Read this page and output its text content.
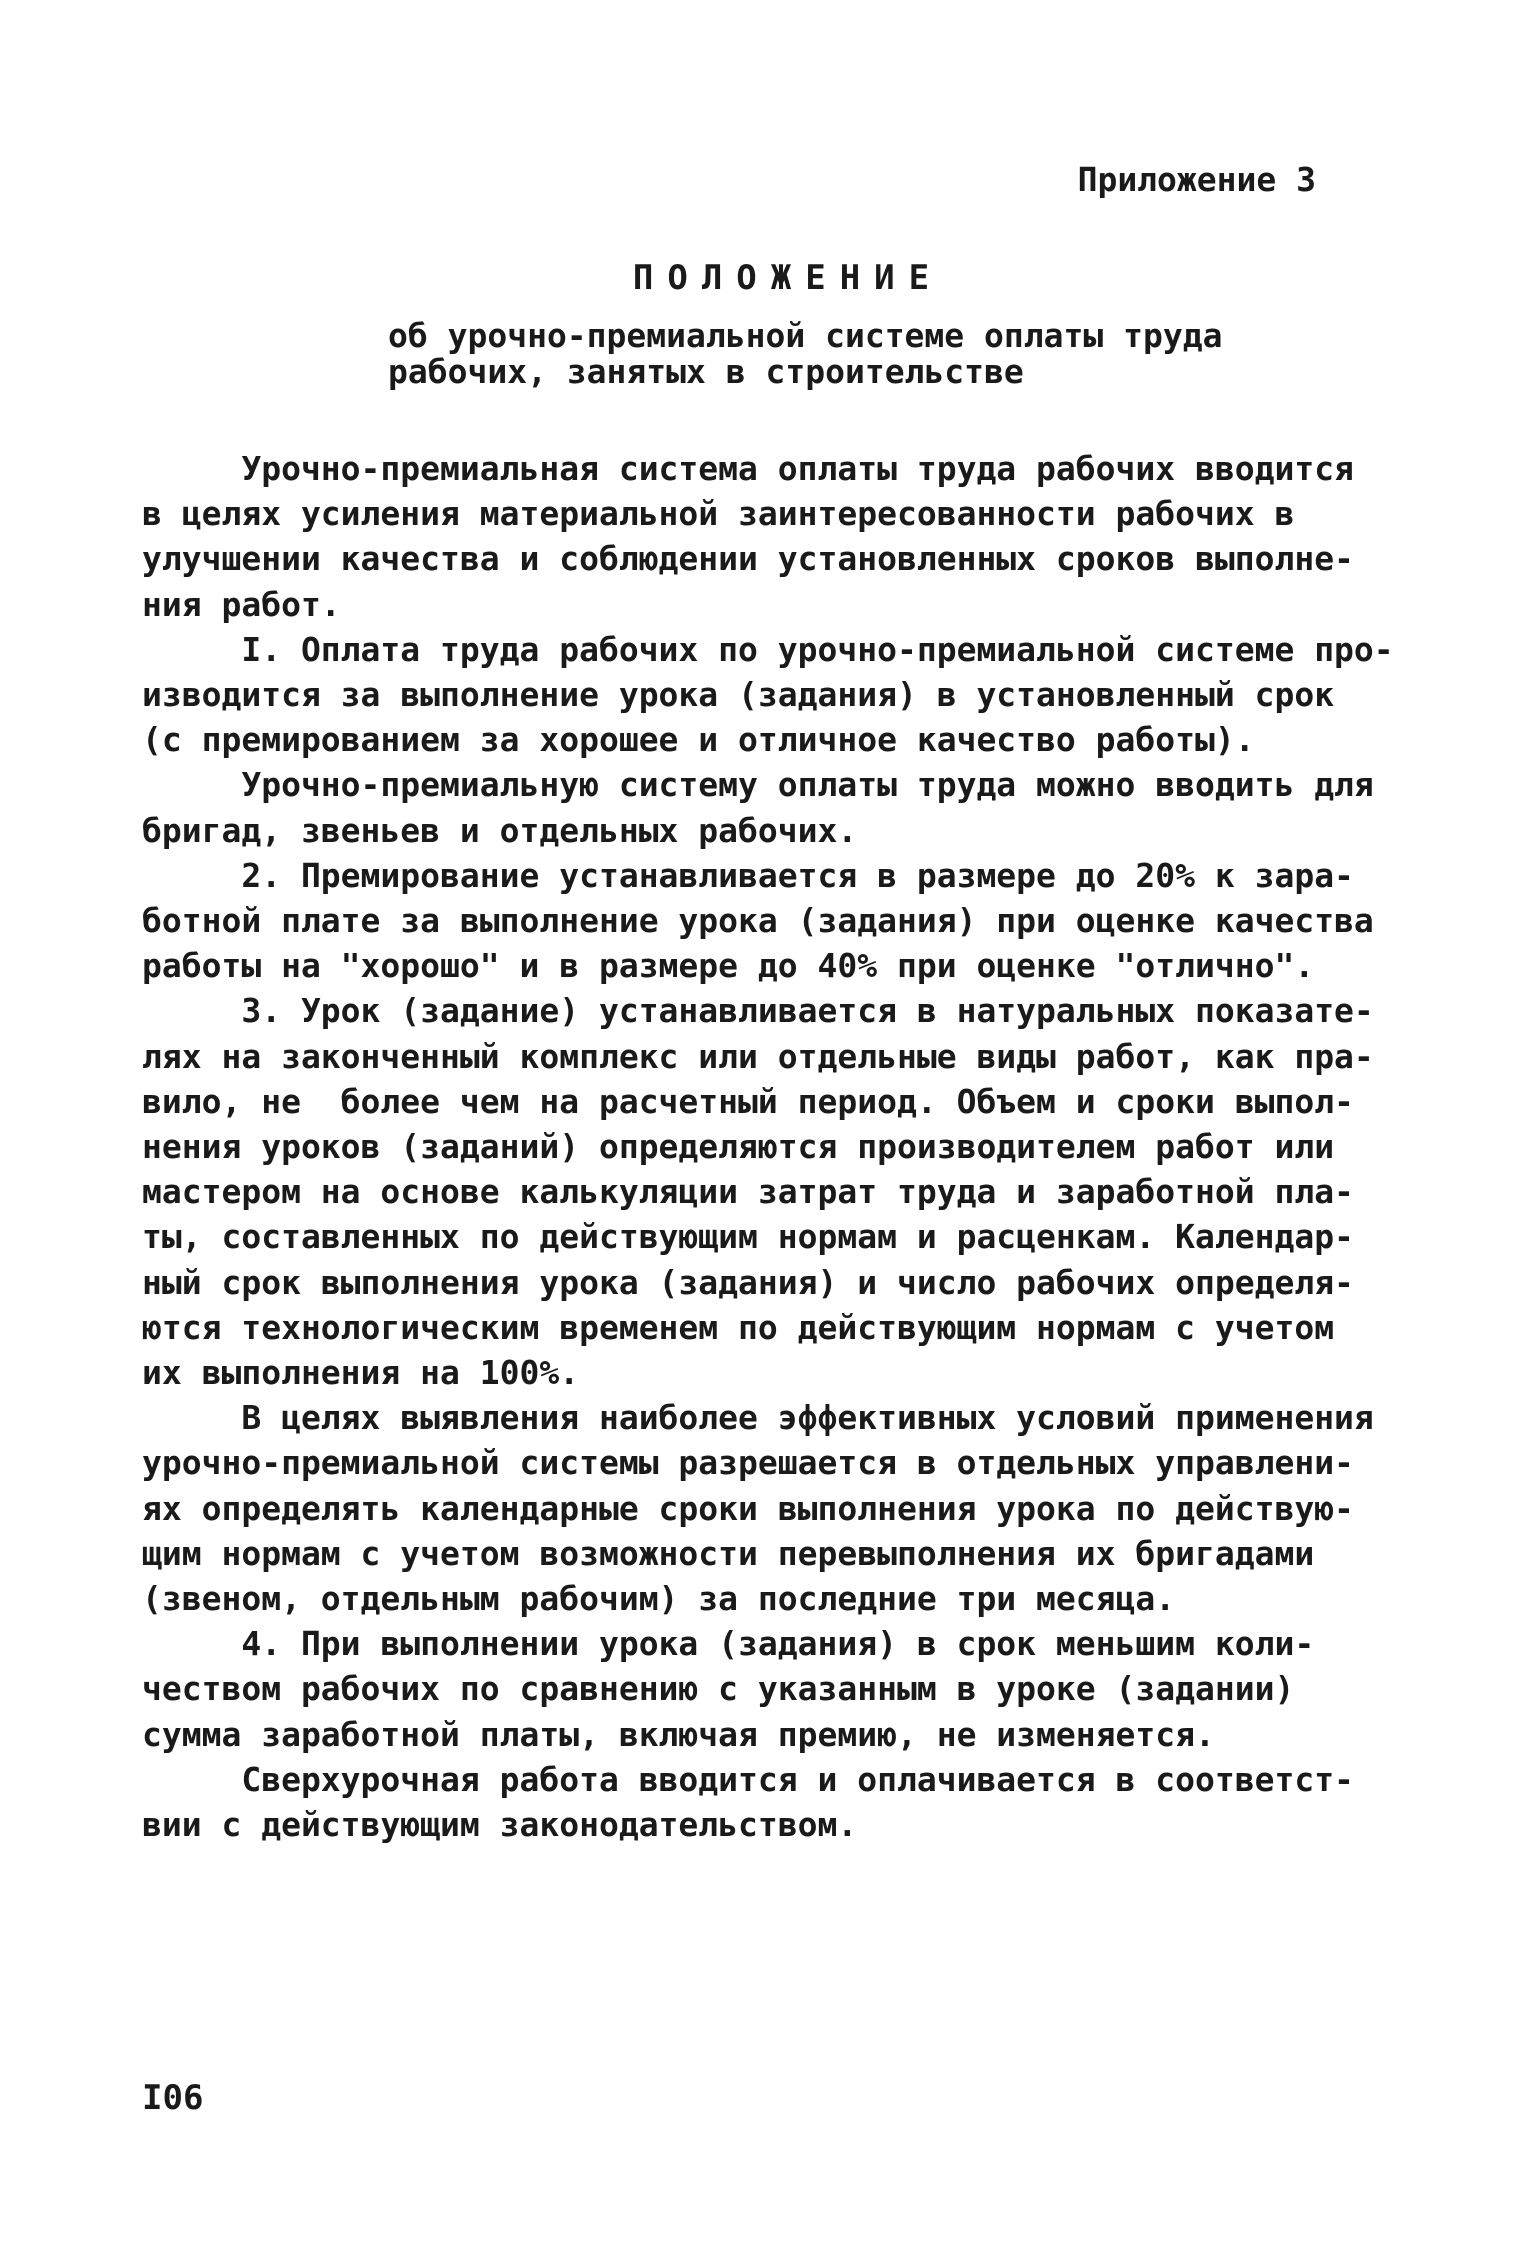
Приложение 3
ПОЛОЖЕНИЕ
об урочно-премиальной системе оплаты труда
рабочих, занятых в строительстве
Урочно-премиальная система оплаты труда рабочих вводится
в целях усиления материальной заинтересованности рабочих в
улучшении качества и соблюдении установленных сроков выполне-
ния работ.
I. Оплата труда рабочих по урочно-премиальной системе про-
изводится за выполнение урока (задания) в установленный срок
(с премированием за хорошее и отличное качество работы).
Урочно-премиальную систему оплаты труда можно вводить для
бригад, звеньев и отдельных рабочих.
2. Премирование устанавливается в размере до 20% к зара-
ботной плате за выполнение урока (задания) при оценке качества
работы на "хорошо" и в размере до 40% при оценке "отлично".
3. Урок (задание) устанавливается в натуральных показате-
лях на законченный комплекс или отдельные виды работ, как пра-
вило, не  более чем на расчетный период. Объем и сроки выпол-
нения уроков (заданий) определяются производителем работ или
мастером на основе калькуляции затрат труда и заработной пла-
ты, составленных по действующим нормам и расценкам. Календар-
ный срок выполнения урока (задания) и число рабочих определя-
ются технологическим временем по действующим нормам с учетом
их выполнения на 100%.
В целях выявления наиболее эффективных условий применения
урочно-премиальной системы разрешается в отдельных управлени-
ях определять календарные сроки выполнения урока по действую-
щим нормам с учетом возможности перевыполнения их бригадами
(звеном, отдельным рабочим) за последние три месяца.
4. При выполнении урока (задания) в срок меньшим коли-
чеством рабочих по сравнению с указанным в уроке (задании)
сумма заработной платы, включая премию, не изменяется.
Сверхурочная работа вводится и оплачивается в соответст-
вии с действующим законодательством.
I06
